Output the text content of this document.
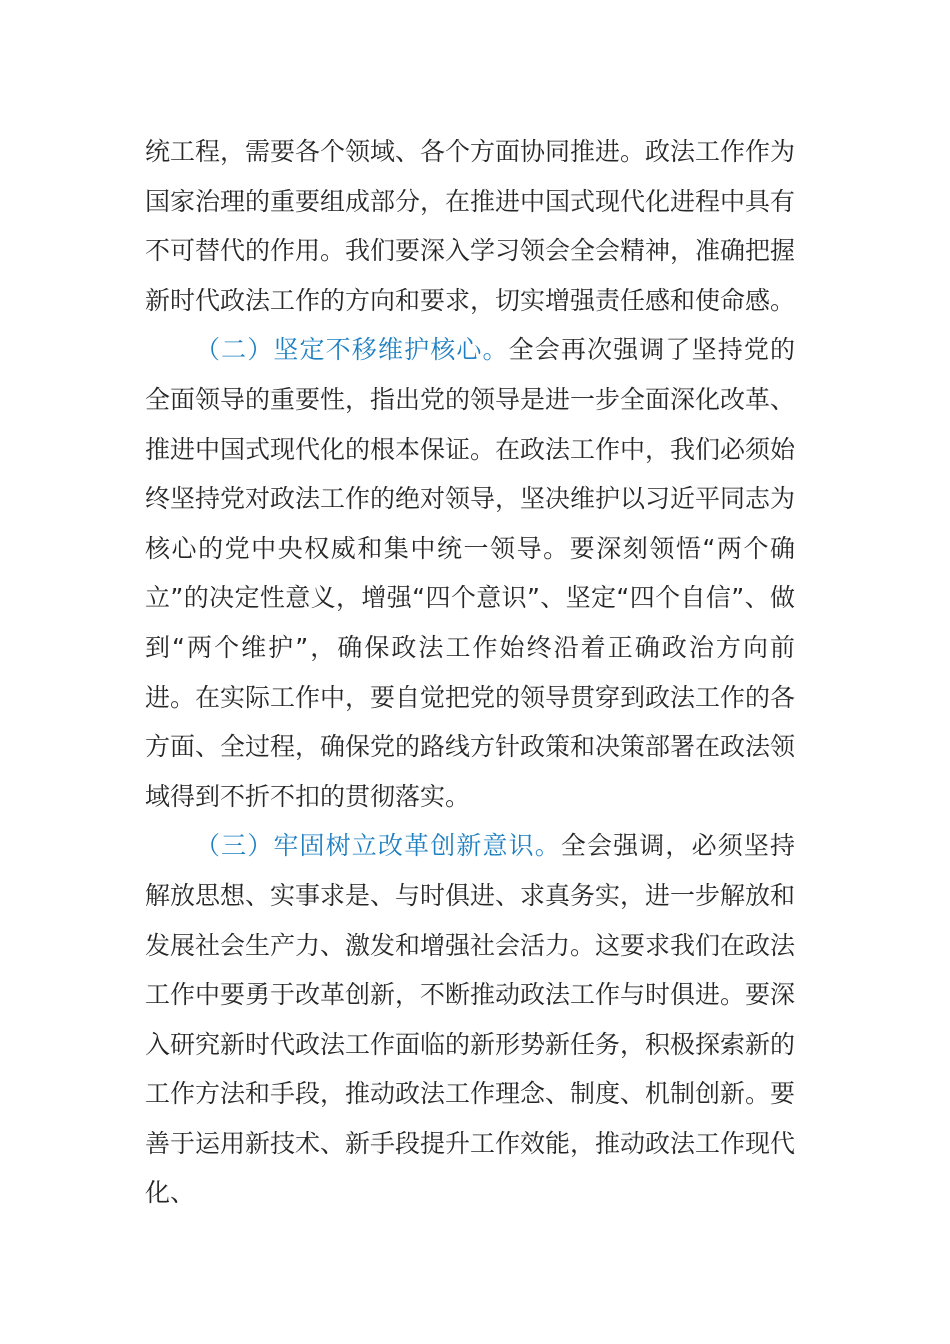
统工程，需要各个领域、各个方面协同推进。政法工作作为国家治理的重要组成部分，在推进中国式现代化进程中具有不可替代的作用。我们要深入学习领会全会精神，准确把握新时代政法工作的方向和要求，切实增强责任感和使命感。

（二）坚定不移维护核心。全会再次强调了坚持党的全面领导的重要性，指出党的领导是进一步全面深化改革、推进中国式现代化的根本保证。在政法工作中，我们必须始终坚持党对政法工作的绝对领导，坚决维护以习近平同志为核心的党中央权威和集中统一领导。要深刻领悟“两个确立”的决定性意义，增强“四个意识”、坚定“四个自信”、做到“两个维护”，确保政法工作始终沿着正确政治方向前进。在实际工作中，要自觉把党的领导贯穿到政法工作的各方面、全过程，确保党的路线方针政策和决策部署在政法领域得到不折不扣的贯彻落实。

（三）牢固树立改革创新意识。全会强调，必须坚持解放思想、实事求是、与时俱进、求真务实，进一步解放和发展社会生产力、激发和增强社会活力。这要求我们在政法工作中要勇于改革创新，不断推动政法工作与时俱进。要深入研究新时代政法工作面临的新形势新任务，积极探索新的工作方法和手段，推动政法工作理念、制度、机制创新。要善于运用新技术、新手段提升工作效能，推动政法工作现代化、
